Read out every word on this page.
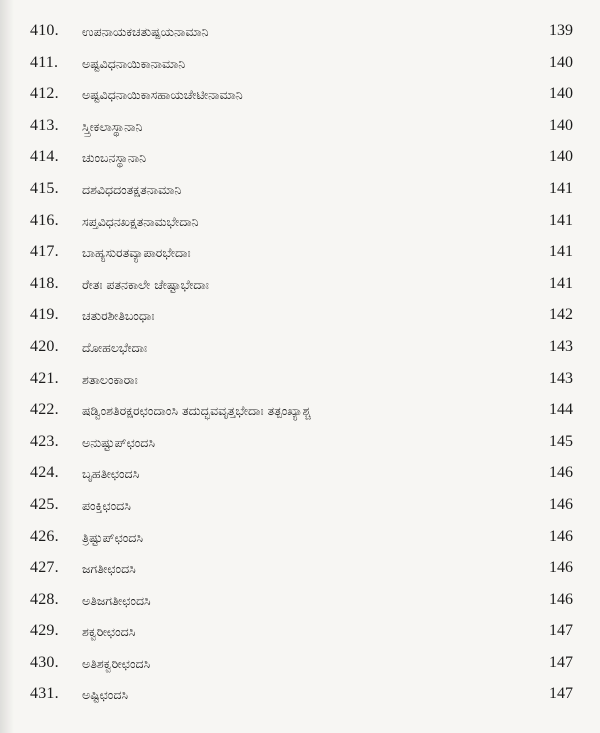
410. ಉಪನಾಯಕಚತುಷ್ಪಯನಾಮಾನಿ	139
411. ಅಷ್ಟವಿಧನಾಯಿಕಾನಾಮಾನಿ	140
412. ಅಷ್ಟವಿಧನಾಯಿಕಾಸಹಾಯಚೇಟೀನಾಮಾನಿ	140
413. ಸ್ತ್ರೀಕಲಾಸ್ಥಾನಾನಿ	140
414. ಚುಂಬನಸ್ಥಾನಾನಿ	140
415. ದಶವಿಧದಂತಕ್ಷತನಾಮಾನಿ	141
416. ಸಪ್ತವಿಧನಖಕ್ಷತನಾಮಭೇದಾನಿ	141
417. ಬಾಹ್ಯಸುರತವ್ಯಾಪಾರಭೇದಾಃ	141
418. ರೇತಃ ಪತನಕಾಲೇ ಚೇಷ್ಟಾಭೇದಾಃ	141
419. ಚತುರಶೀತಿಬಂಧಾಃ	142
420. ದೋಹಲಭೇದಾಃ	143
421. ಶತಾಲಂಕಾರಾಃ	143
422. ಷಡ್ವಿಂಶತಿರಕ್ಷರಛಂದಾಂಸಿ ತದುದ್ಭವವೃತ್ತಭೇದಾಃ ತತ್ಪಂಖ್ಯಾಶ್ಚ	144
423. ಅನುಷ್ಟುಪ್‌ಛಂದಸಿ	145
424. ಬೃಹತೀಛಂದಸಿ	146
425. ಪಂಕ್ತಿಛಂದಸಿ	146
426. ತ್ರಿಷ್ಟುಪ್‌ಛಂದಸಿ	146
427. ಜಗತೀಛಂದಸಿ	146
428. ಅತಿಜಗತೀಛಂದಸಿ	146
429. ಶಕ್ವರೀಛಂದಸಿ	147
430. ಅತಿಶಕ್ವರೀಛಂದಸಿ	147
431. ಅಷ್ಟಿಛಂದಸಿ	147
